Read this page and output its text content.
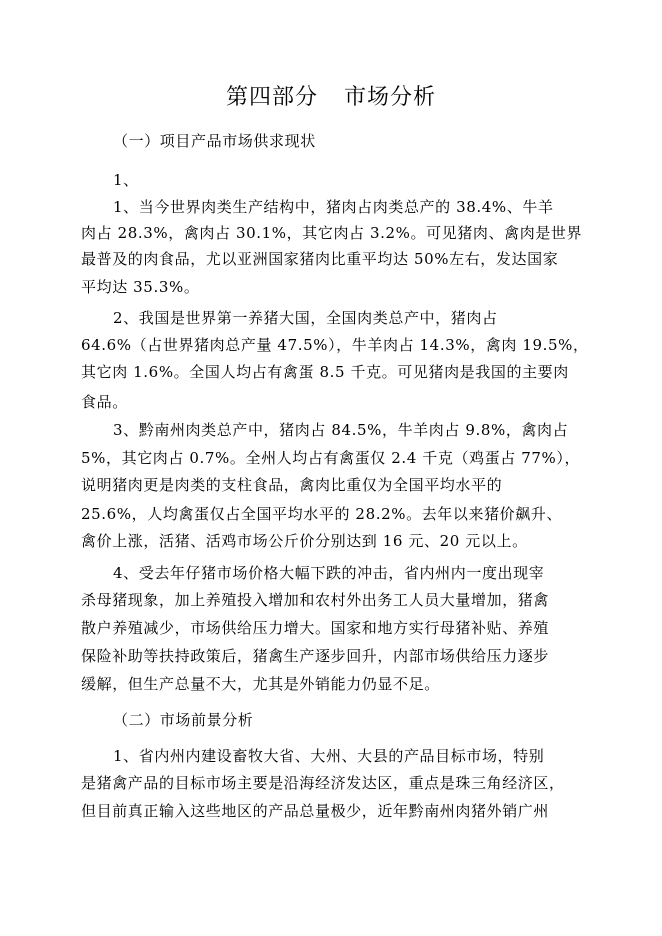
第四部分 市场分析
（一）项目产品市场供求现状
1、
1、当今世界肉类生产结构中，猪肉占肉类总产的 38.4%、牛羊
肉占 28.3%，禽肉占 30.1%，其它肉占 3.2%。可见猪肉、禽肉是世界
最普及的肉食品，尤以亚洲国家猪肉比重平均达 50%左右，发达国家
平均达 35.3%。
2、我国是世界第一养猪大国，全国肉类总产中，猪肉占
64.6%（占世界猪肉总产量 47.5%），牛羊肉占 14.3%，禽肉 19.5%，
其它肉 1.6%。全国人均占有禽蛋 8.5 千克。可见猪肉是我国的主要肉
食品。
3、黔南州肉类总产中，猪肉占 84.5%，牛羊肉占 9.8%，禽肉占
5%，其它肉占 0.7%。全州人均占有禽蛋仅 2.4 千克（鸡蛋占 77%），
说明猪肉更是肉类的支柱食品，禽肉比重仅为全国平均水平的
25.6%，人均禽蛋仅占全国平均水平的 28.2%。去年以来猪价飙升、
禽价上涨，活猪、活鸡市场公斤价分别达到 16 元、20 元以上。
4、受去年仔猪市场价格大幅下跌的冲击，省内州内一度出现宰
杀母猪现象，加上养殖投入增加和农村外出务工人员大量增加，猪禽
散户养殖减少，市场供给压力增大。国家和地方实行母猪补贴、养殖
保险补助等扶持政策后，猪禽生产逐步回升，内部市场供给压力逐步
缓解，但生产总量不大，尤其是外销能力仍显不足。
（二）市场前景分析
1、省内州内建设畜牧大省、大州、大县的产品目标市场，特别
是猪禽产品的目标市场主要是沿海经济发达区，重点是珠三角经济区，
但目前真正输入这些地区的产品总量极少，近年黔南州肉猪外销广州
